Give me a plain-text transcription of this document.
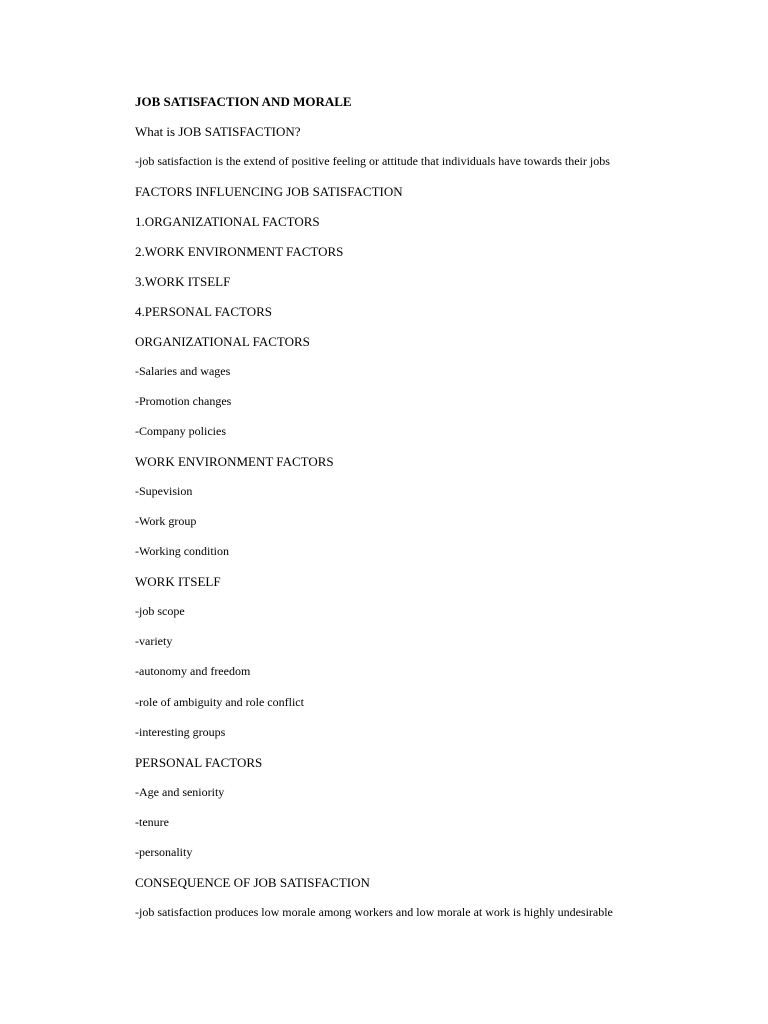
JOB SATISFACTION AND MORALE
What is JOB SATISFACTION?
-job satisfaction is the extend of positive feeling or attitude that individuals have towards their jobs
FACTORS INFLUENCING JOB SATISFACTION
1.ORGANIZATIONAL FACTORS
2.WORK ENVIRONMENT FACTORS
3.WORK ITSELF
4.PERSONAL FACTORS
ORGANIZATIONAL FACTORS
-Salaries and wages
-Promotion changes
-Company policies
WORK ENVIRONMENT FACTORS
-Supevision
-Work group
-Working condition
WORK ITSELF
-job scope
-variety
-autonomy and freedom
-role of ambiguity and role conflict
-interesting groups
PERSONAL FACTORS
-Age and seniority
-tenure
-personality
CONSEQUENCE OF JOB SATISFACTION
-job satisfaction produces low morale among workers and low morale at work is highly undesirable
